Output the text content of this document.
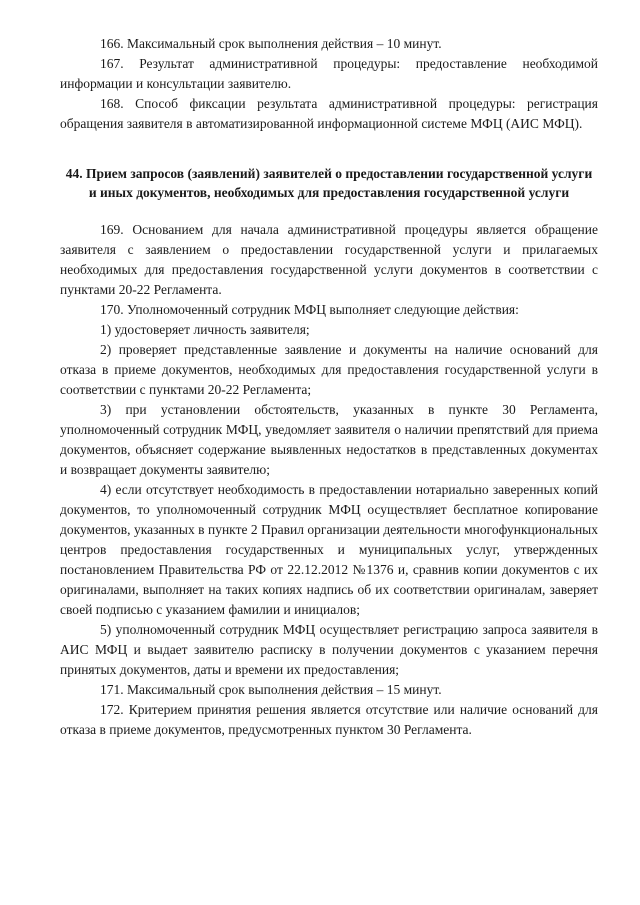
166. Максимальный срок выполнения действия – 10 минут.

167. Результат административной процедуры: предоставление необходимой информации и консультации заявителю.

168. Способ фиксации результата административной процедуры: регистрация обращения заявителя в автоматизированной информационной системе МФЦ (АИС МФЦ).

44. Прием запросов (заявлений) заявителей о предоставлении государственной услуги и иных документов, необходимых для предоставления государственной услуги

169. Основанием для начала административной процедуры является обращение заявителя с заявлением о предоставлении государственной услуги и прилагаемых необходимых для предоставления государственной услуги документов в соответствии с пунктами 20-22 Регламента.

170. Уполномоченный сотрудник МФЦ выполняет следующие действия:

1) удостоверяет личность заявителя;

2) проверяет представленные заявление и документы на наличие оснований для отказа в приеме документов, необходимых для предоставления государственной услуги в соответствии с пунктами 20-22 Регламента;

3) при установлении обстоятельств, указанных в пункте 30 Регламента, уполномоченный сотрудник МФЦ, уведомляет заявителя о наличии препятствий для приема документов, объясняет содержание выявленных недостатков в представленных документах и возвращает документы заявителю;

4) если отсутствует необходимость в предоставлении нотариально заверенных копий документов, то уполномоченный сотрудник МФЦ осуществляет бесплатное копирование документов, указанных в пункте 2 Правил организации деятельности многофункциональных центров предоставления государственных и муниципальных услуг, утвержденных постановлением Правительства РФ от 22.12.2012 №1376 и, сравнив копии документов с их оригиналами, выполняет на таких копиях надпись об их соответствии оригиналам, заверяет своей подписью с указанием фамилии и инициалов;

5) уполномоченный сотрудник МФЦ осуществляет регистрацию запроса заявителя в АИС МФЦ и выдает заявителю расписку в получении документов с указанием перечня принятых документов, даты и времени их предоставления;

171. Максимальный срок выполнения действия – 15 минут.

172. Критерием принятия решения является отсутствие или наличие оснований для отказа в приеме документов, предусмотренных пунктом 30 Регламента.
